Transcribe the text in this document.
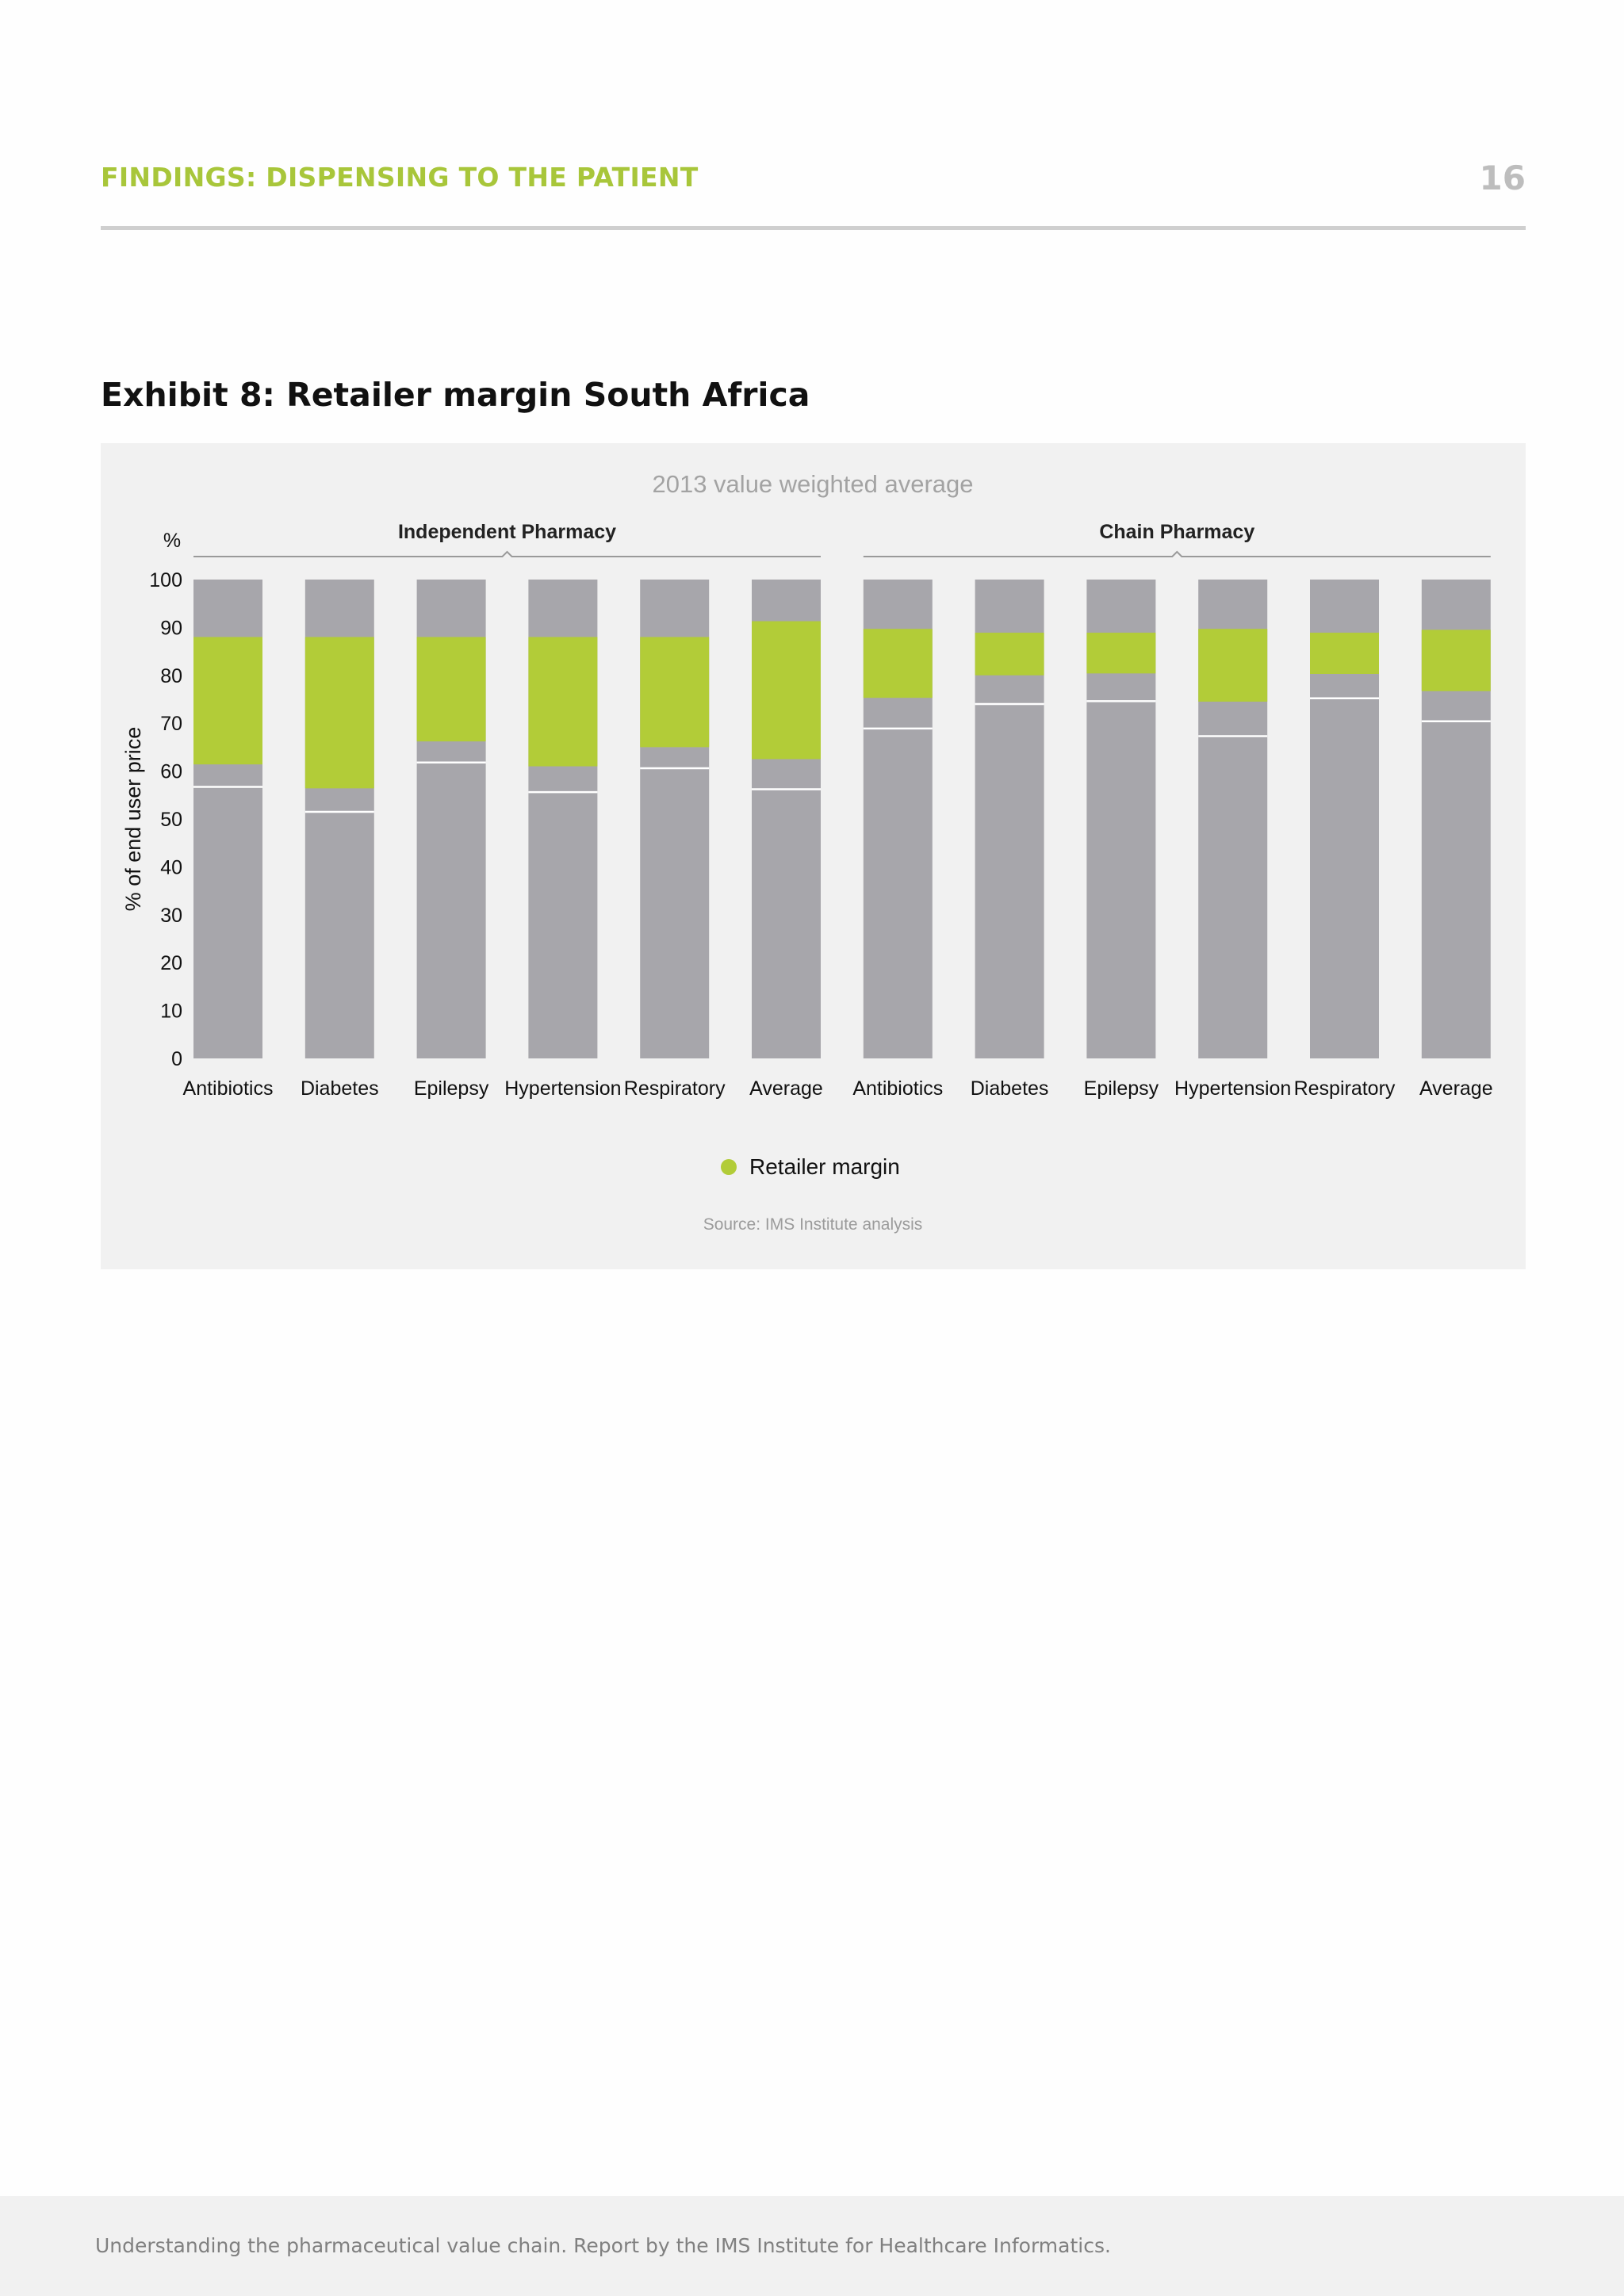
FINDINGS: DISPENSING TO THE PATIENT	16
Exhibit 8: Retailer margin South Africa
2013 value weighted average
%
% of end user price
0
10
20
30
40
50
60
70
80
90
100
Independent Pharmacy
Antibiotics Diabetes Epilepsy Hypertension Respiratory Average
Chain Pharmacy
Antibiotics Diabetes Epilepsy Hypertension Respiratory Average
Retailer margin
Source: IMS Institute analysis
Understanding the pharmaceutical value chain. Report by the IMS Institute for Healthcare Informatics.
